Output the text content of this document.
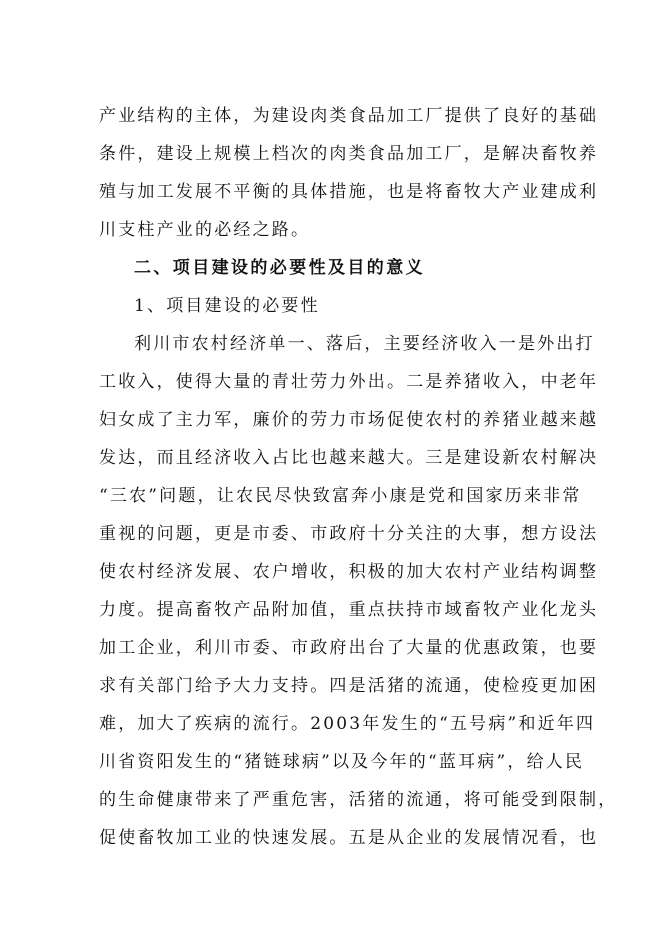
产业结构的主体，为建设肉类食品加工厂提供了良好的基础
条件，建设上规模上档次的肉类食品加工厂，是解决畜牧养
殖与加工发展不平衡的具体措施，也是将畜牧大产业建成利
川支柱产业的必经之路。
二、项目建设的必要性及目的意义
1、项目建设的必要性
利川市农村经济单一、落后，主要经济收入一是外出打
工收入，使得大量的青壮劳力外出。二是养猪收入，中老年
妇女成了主力军，廉价的劳力市场促使农村的养猪业越来越
发达，而且经济收入占比也越来越大。三是建设新农村解决
“三农”问题，让农民尽快致富奔小康是党和国家历来非常
重视的问题，更是市委、市政府十分关注的大事，想方设法
使农村经济发展、农户增收，积极的加大农村产业结构调整
力度。提高畜牧产品附加值，重点扶持市域畜牧产业化龙头
加工企业，利川市委、市政府出台了大量的优惠政策，也要
求有关部门给予大力支持。四是活猪的流通，使检疫更加困
难，加大了疾病的流行。2003年发生的“五号病”和近年四
川省资阳发生的“猪链球病”以及今年的“蓝耳病”，给人民
的生命健康带来了严重危害，活猪的流通，将可能受到限制，
促使畜牧加工业的快速发展。五是从企业的发展情况看，也
